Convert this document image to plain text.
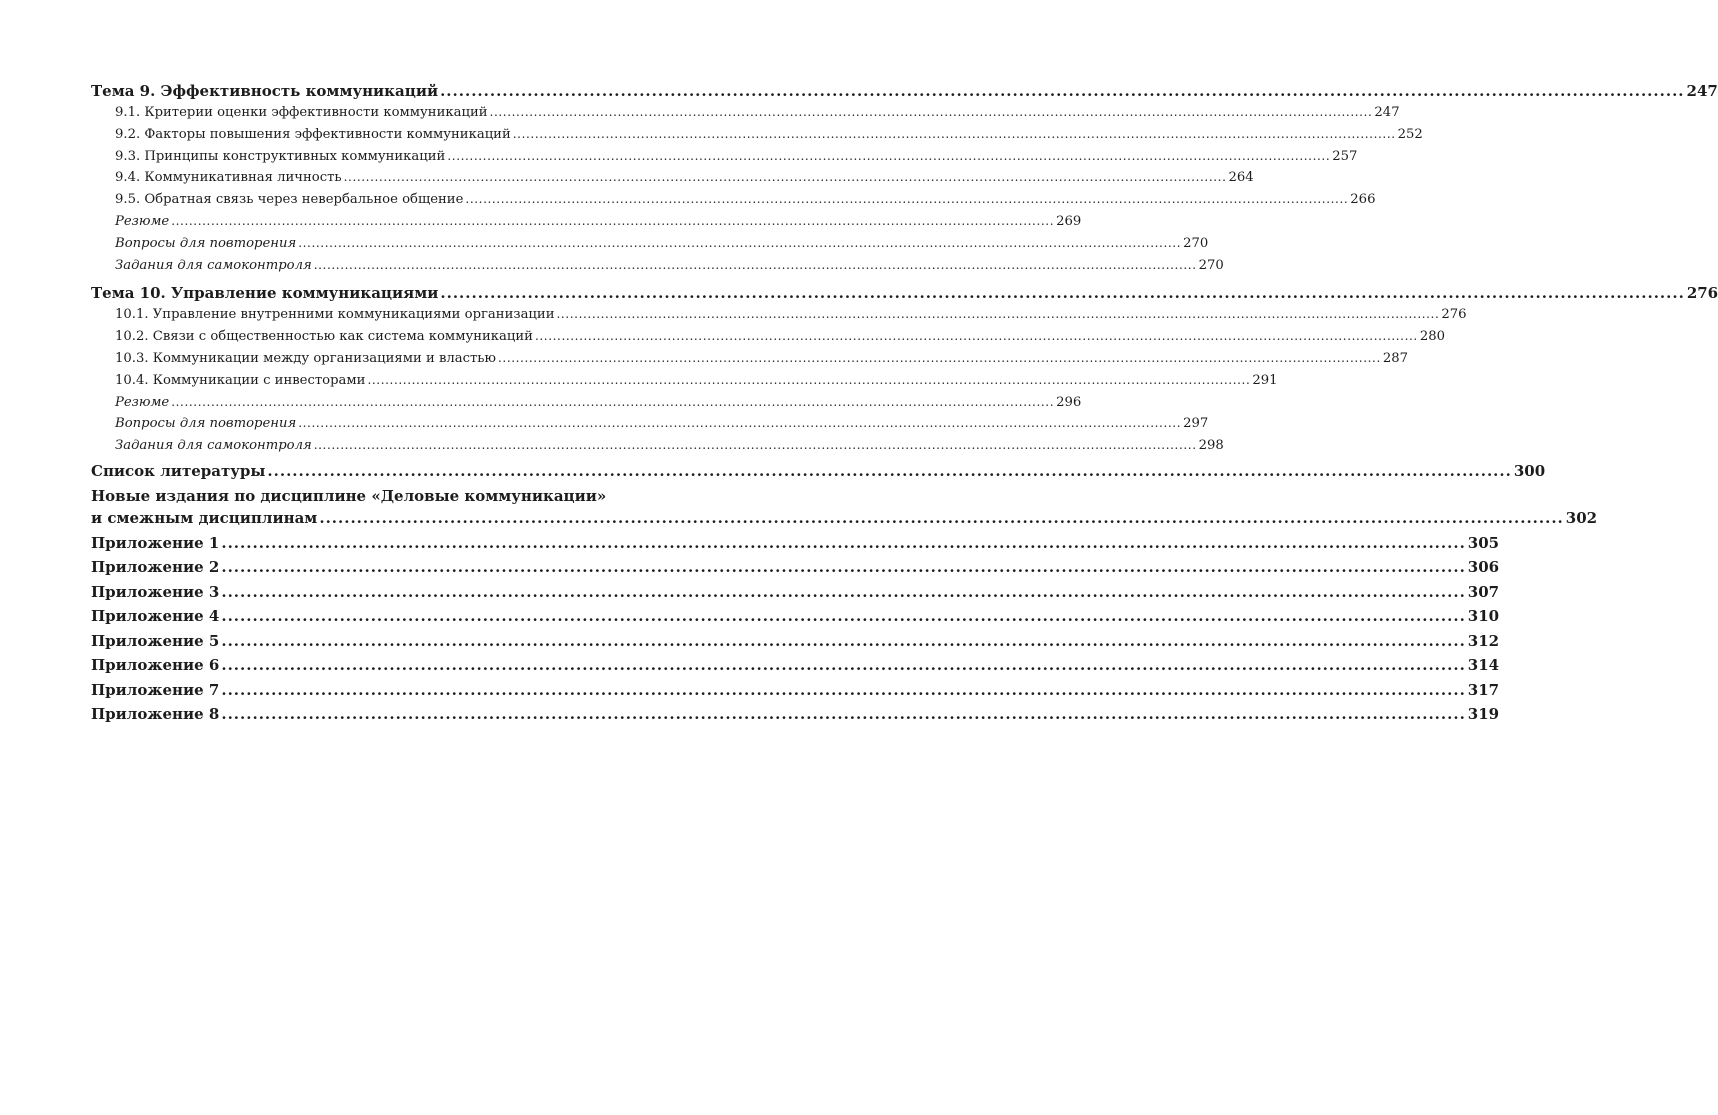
Тема 9. Эффективность коммуникаций ........................................................................................................................................................................................................ 247
9.1. Критерии оценки эффективности коммуникаций ........................................................................................................................................................................................................ 247
9.2. Факторы повышения эффективности коммуникаций ........................................................................................................................................................................................................ 252
9.3. Принципы конструктивных коммуникаций ........................................................................................................................................................................................................ 257
9.4. Коммуникативная личность ........................................................................................................................................................................................................ 264
9.5. Обратная связь через невербальное общение ........................................................................................................................................................................................................ 266
Резюме ........................................................................................................................................................................................................ 269
Вопросы для повторения ........................................................................................................................................................................................................ 270
Задания для самоконтроля ........................................................................................................................................................................................................ 270
Тема 10. Управление коммуникациями ........................................................................................................................................................................................................ 276
10.1. Управление внутренними коммуникациями организации ........................................................................................................................................................................................................ 276
10.2. Связи с общественностью как система коммуникаций ........................................................................................................................................................................................................ 280
10.3. Коммуникации между организациями и властью ........................................................................................................................................................................................................ 287
10.4. Коммуникации с инвесторами ........................................................................................................................................................................................................ 291
Резюме ........................................................................................................................................................................................................ 296
Вопросы для повторения ........................................................................................................................................................................................................ 297
Задания для самоконтроля ........................................................................................................................................................................................................ 298
Список литературы ........................................................................................................................................................................................................ 300
Новые издания по дисциплине «Деловые коммуникации»
и смежным дисциплинам ........................................................................................................................................................................................................ 302
Приложение 1 ........................................................................................................................................................................................................ 305
Приложение 2 ........................................................................................................................................................................................................ 306
Приложение 3 ........................................................................................................................................................................................................ 307
Приложение 4 ........................................................................................................................................................................................................ 310
Приложение 5 ........................................................................................................................................................................................................ 312
Приложение 6 ........................................................................................................................................................................................................ 314
Приложение 7 ........................................................................................................................................................................................................ 317
Приложение 8 ........................................................................................................................................................................................................ 319
